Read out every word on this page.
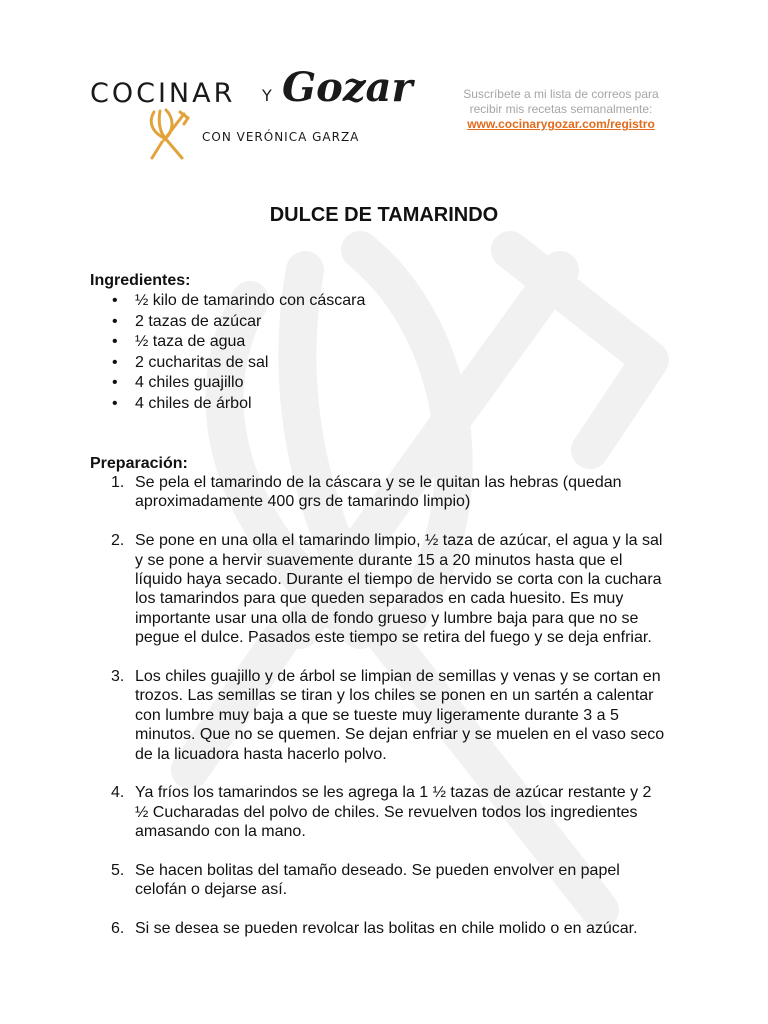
COCINAR Y Gozar
CON VERÓNICA GARZA
Suscríbete a mi lista de correos para
recibir mis recetas semanalmente:
www.cocinarygozar.com/registro
DULCE DE TAMARINDO
Ingredientes:
• ½ kilo de tamarindo con cáscara
• 2 tazas de azúcar
• ½ taza de agua
• 2 cucharitas de sal
• 4 chiles guajillo
• 4 chiles de árbol
Preparación:
1. Se pela el tamarindo de la cáscara y se le quitan las hebras (quedan
aproximadamente 400 grs de tamarindo limpio)
2. Se pone en una olla el tamarindo limpio, ½ taza de azúcar, el agua y la sal
y se pone a hervir suavemente durante 15 a 20 minutos hasta que el
líquido haya secado. Durante el tiempo de hervido se corta con la cuchara
los tamarindos para que queden separados en cada huesito. Es muy
importante usar una olla de fondo grueso y lumbre baja para que no se
pegue el dulce. Pasados este tiempo se retira del fuego y se deja enfriar.
3. Los chiles guajillo y de árbol se limpian de semillas y venas y se cortan en
trozos. Las semillas se tiran y los chiles se ponen en un sartén a calentar
con lumbre muy baja a que se tueste muy ligeramente durante 3 a 5
minutos. Que no se quemen. Se dejan enfriar y se muelen en el vaso seco
de la licuadora hasta hacerlo polvo.
4. Ya fríos los tamarindos se les agrega la 1 ½ tazas de azúcar restante y 2
½ Cucharadas del polvo de chiles. Se revuelven todos los ingredientes
amasando con la mano.
5. Se hacen bolitas del tamaño deseado. Se pueden envolver en papel
celofán o dejarse así.
6. Si se desea se pueden revolcar las bolitas en chile molido o en azúcar.
